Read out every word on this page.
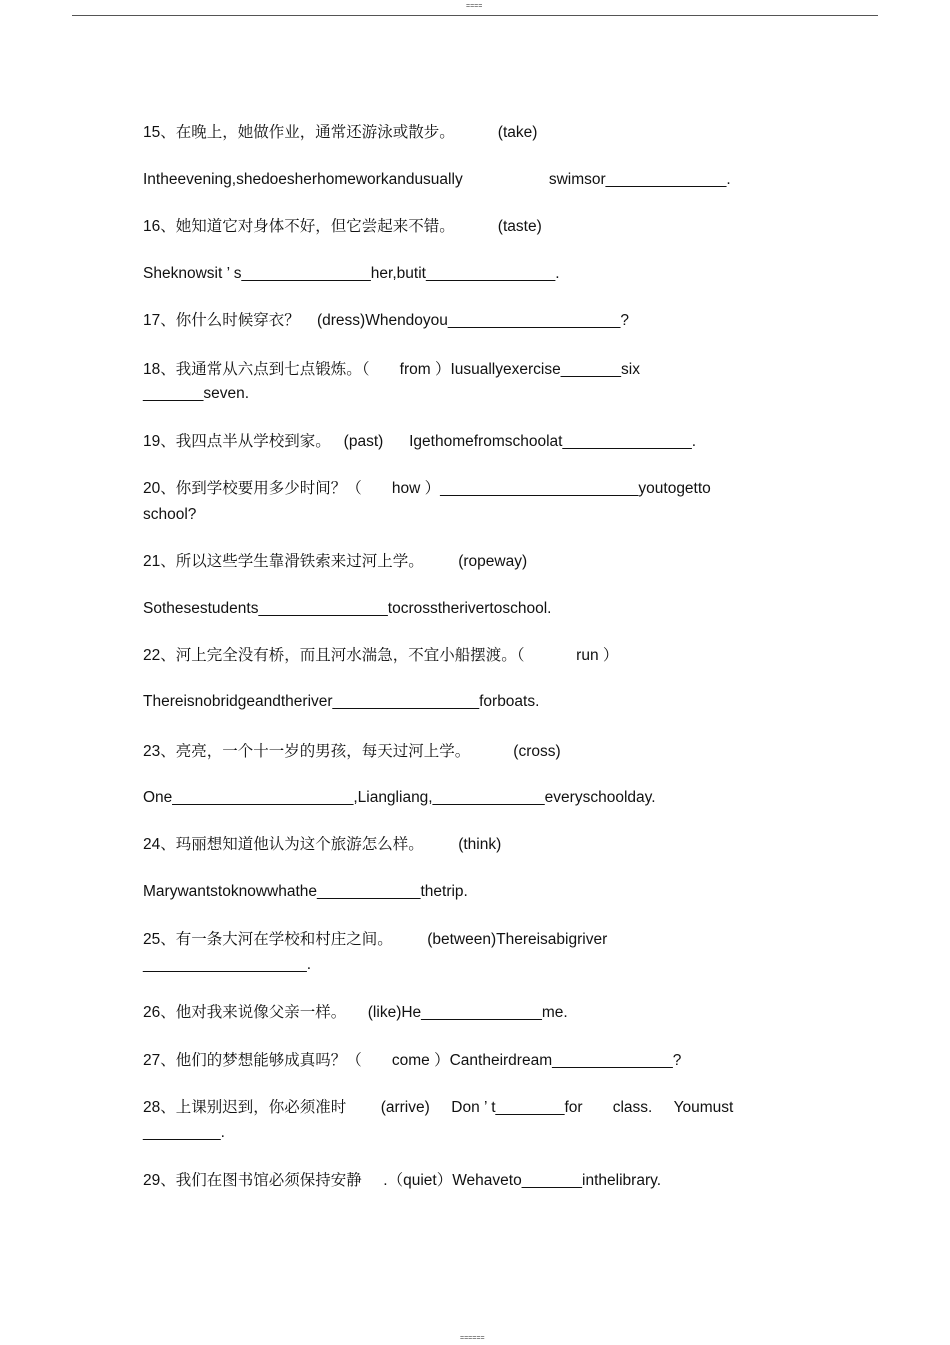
====
15、在晚上，她做作业，通常还游泳或散步。          (take)
Intheevening,shedoesherhomeworkandusually                    swimsor______________.
16、她知道它对身体不好，但它尝起来不错。          (taste)
Sheknowsit ’ s_______________her,butit_______________.
17、你什么时候穿衣？    (dress)Whendoyou____________________?
18、我通常从六点到七点锻炼。（       from ）Iusuallyexercise_______six
_______seven.
19、我四点半从学校到家。   (past)      Igethomefromschoolat_______________.
20、你到学校要用多少时间？（       how ）_______________________youtogetto
school?
21、所以这些学生靠滑铁索来过河上学。        (ropeway)
Sothesestudents_______________tocrosstherivertoschool.
22、河上完全没有桥，而且河水湍急，不宜小船摆渡。（            run ）
Thereisnobridgeandtheriver_________________forboats.
23、亮亮，一个十一岁的男孩，每天过河上学。          (cross)
One_____________________,Liangliang,_____________everyschoolday.
24、玛丽想知道他认为这个旅游怎么样。        (think)
Marywantstoknowwhathe____________thetrip.
25、有一条大河在学校和村庄之间。        (between)Thereisabigriver
___________________.
26、他对我来说像父亲一样。     (like)He______________me.
27、他们的梦想能够成真吗？（       come ）Cantheirdream______________?
28、上课别迟到，你必须准时        (arrive)     Don ’ t________for       class.     Youmust
_________.
29、我们在图书馆必须保持安静     .（quiet）Wehaveto_______inthelibrary.
======
